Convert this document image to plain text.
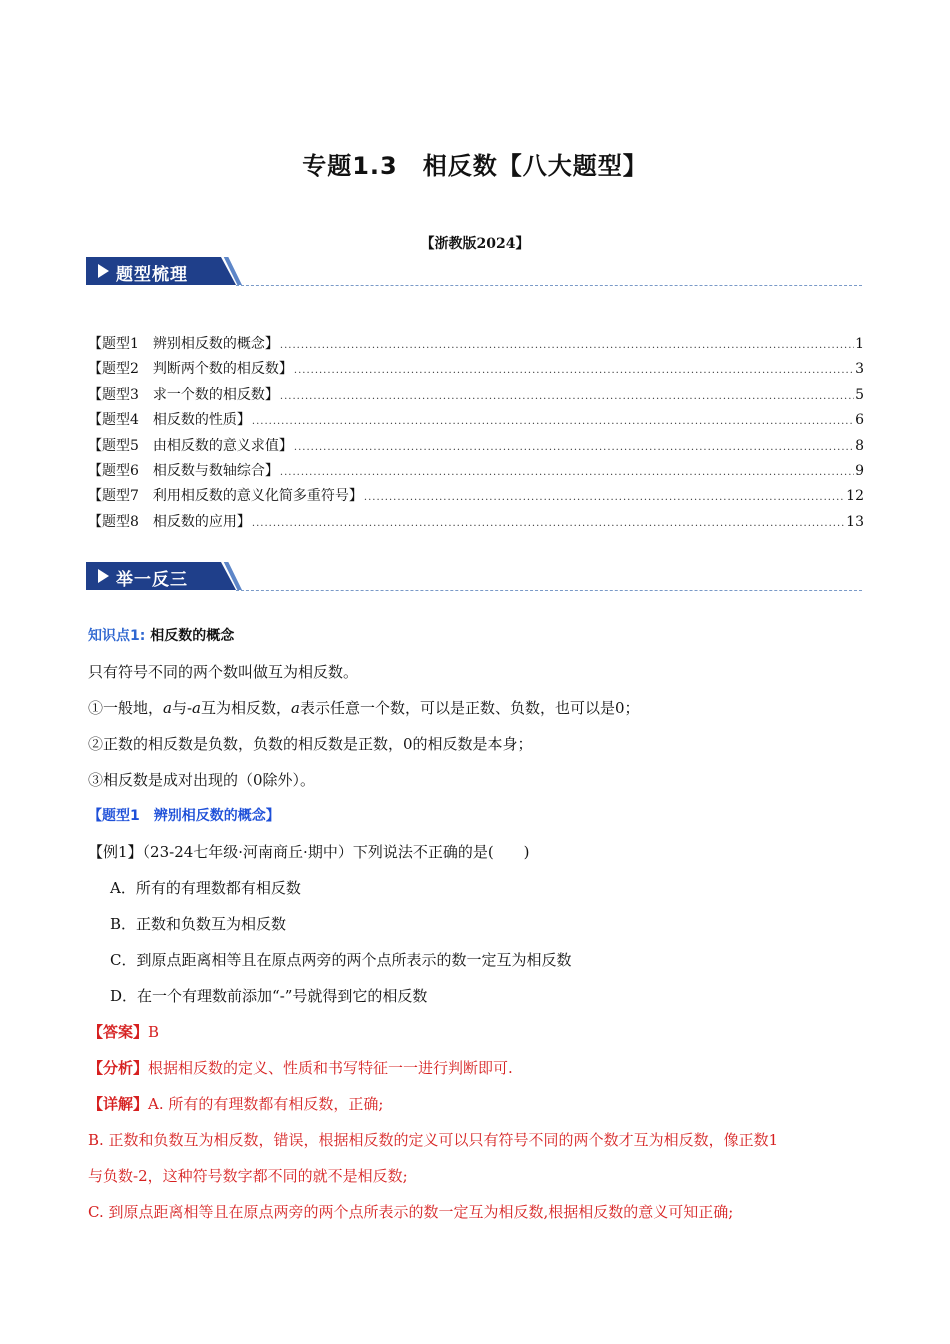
专题1.3　相反数【八大题型】
【浙教版2024】
题型梳理
【题型1　辨别相反数的概念】 .....	1
【题型2　判断两个数的相反数】 .....	3
【题型3　求一个数的相反数】 .....	5
【题型4　相反数的性质】 .....	6
【题型5　由相反数的意义求值】 .....	8
【题型6　相反数与数轴综合】 .....	9
【题型7　利用相反数的意义化简多重符号】 .....	12
【题型8　相反数的应用】 .....	13
举一反三
知识点1: 相反数的概念
只有符号不同的两个数叫做互为相反数。
①一般地，a与-a互为相反数，a表示任意一个数，可以是正数、负数，也可以是0；
②正数的相反数是负数，负数的相反数是正数，0的相反数是本身；
③相反数是成对出现的（0除外）。
【题型1　辨别相反数的概念】
【例1】（23-24七年级·河南商丘·期中）下列说法不正确的是(　　)
A．所有的有理数都有相反数
B．正数和负数互为相反数
C．到原点距离相等且在原点两旁的两个点所表示的数一定互为相反数
D．在一个有理数前添加“-”号就得到它的相反数
【答案】B
【分析】根据相反数的定义、性质和书写特征一一进行判断即可.
【详解】A. 所有的有理数都有相反数，正确;
B. 正数和负数互为相反数，错误，根据相反数的定义可以只有符号不同的两个数才互为相反数，像正数1
与负数-2，这种符号数字都不同的就不是相反数;
C. 到原点距离相等且在原点两旁的两个点所表示的数一定互为相反数,根据相反数的意义可知正确;
